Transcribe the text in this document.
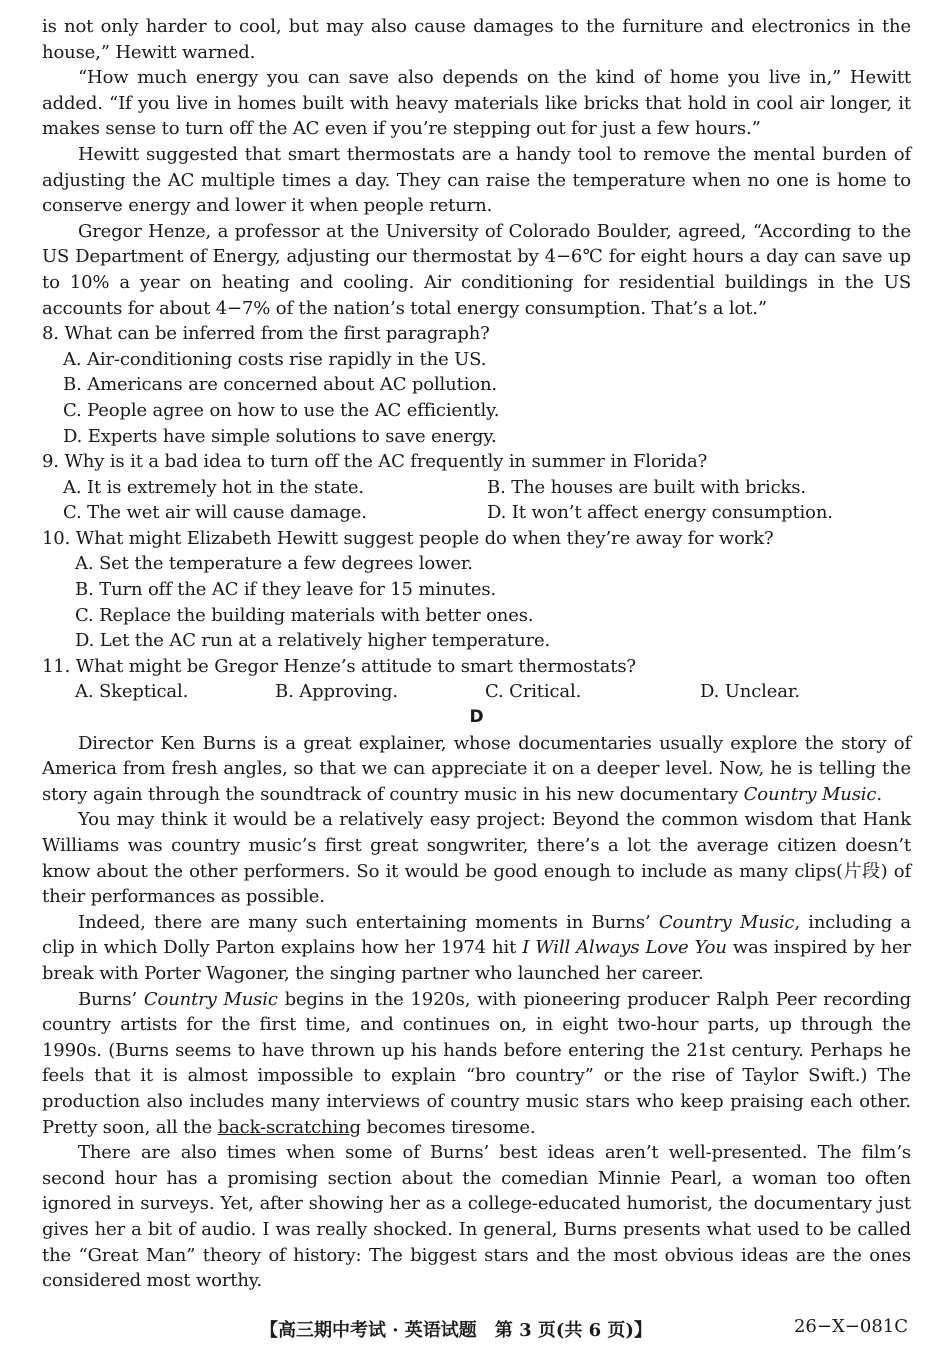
is not only harder to cool, but may also cause damages to the furniture and electronics in the house,” Hewitt warned.

“How much energy you can save also depends on the kind of home you live in,” Hewitt added. “If you live in homes built with heavy materials like bricks that hold in cool air longer, it makes sense to turn off the AC even if you’re stepping out for just a few hours.”

Hewitt suggested that smart thermostats are a handy tool to remove the mental burden of adjusting the AC multiple times a day. They can raise the temperature when no one is home to conserve energy and lower it when people return.

Gregor Henze, a professor at the University of Colorado Boulder, agreed, “According to the US Department of Energy, adjusting our thermostat by 4−6℃ for eight hours a day can save up to 10% a year on heating and cooling. Air conditioning for residential buildings in the US accounts for about 4−7% of the nation’s total energy consumption. That’s a lot.”

8. What can be inferred from the first paragraph?

A. Air-conditioning costs rise rapidly in the US.
B. Americans are concerned about AC pollution.
C. People agree on how to use the AC efficiently.
D. Experts have simple solutions to save energy.

9. Why is it a bad idea to turn off the AC frequently in summer in Florida?

A. It is extremely hot in the state.	B. The houses are built with bricks.
C. The wet air will cause damage.	D. It won’t affect energy consumption.

10. What might Elizabeth Hewitt suggest people do when they’re away for work?

A. Set the temperature a few degrees lower.
B. Turn off the AC if they leave for 15 minutes.
C. Replace the building materials with better ones.
D. Let the AC run at a relatively higher temperature.

11. What might be Gregor Henze’s attitude to smart thermostats?

A. Skeptical.	B. Approving.	C. Critical.	D. Unclear.

D

Director Ken Burns is a great explainer, whose documentaries usually explore the story of America from fresh angles, so that we can appreciate it on a deeper level. Now, he is telling the story again through the soundtrack of country music in his new documentary Country Music.

You may think it would be a relatively easy project: Beyond the common wisdom that Hank Williams was country music’s first great songwriter, there’s a lot the average citizen doesn’t know about the other performers. So it would be good enough to include as many clips(片段) of their performances as possible.

Indeed, there are many such entertaining moments in Burns’ Country Music, including a clip in which Dolly Parton explains how her 1974 hit I Will Always Love You was inspired by her break with Porter Wagoner, the singing partner who launched her career.

Burns’ Country Music begins in the 1920s, with pioneering producer Ralph Peer recording country artists for the first time, and continues on, in eight two-hour parts, up through the 1990s. (Burns seems to have thrown up his hands before entering the 21st century. Perhaps he feels that it is almost impossible to explain “bro country” or the rise of Taylor Swift.) The production also includes many interviews of country music stars who keep praising each other. Pretty soon, all the back-scratching becomes tiresome.

There are also times when some of Burns’ best ideas aren’t well-presented. The film’s second hour has a promising section about the comedian Minnie Pearl, a woman too often ignored in surveys. Yet, after showing her as a college-educated humorist, the documentary just gives her a bit of audio. I was really shocked. In general, Burns presents what used to be called the “Great Man” theory of history: The biggest stars and the most obvious ideas are the ones considered most worthy.

【高三期中考试 · 英语试题　第 3 页(共 6 页)】	26−X−081C
